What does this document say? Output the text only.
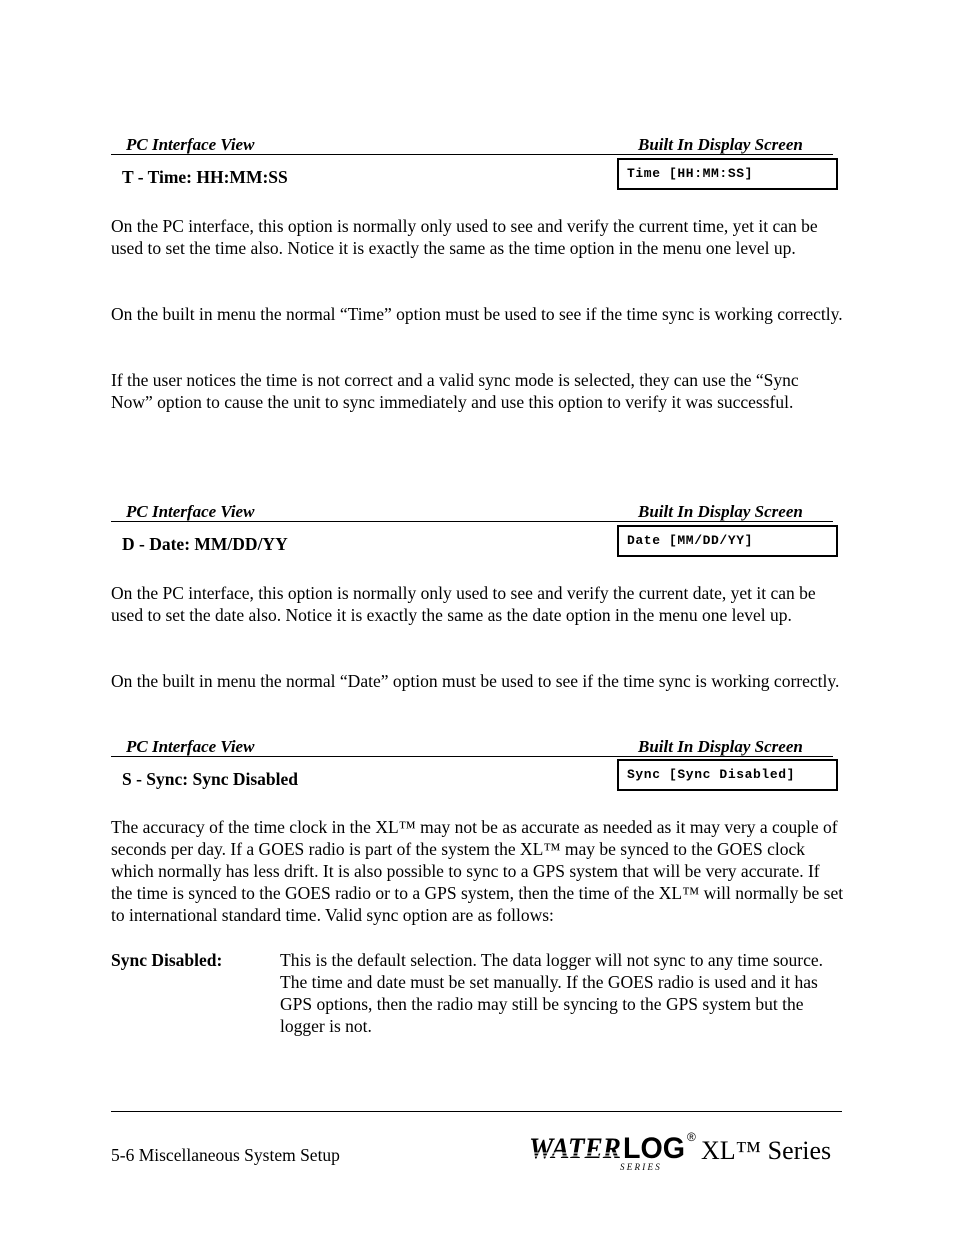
PC Interface View	Built In Display Screen
T - Time: HH:MM:SS	Time [HH:MM:SS]

On the PC interface, this option is normally only used to see and verify the current time, yet it can be used to set the time also. Notice it is exactly the same as the time option in the menu one level up.

On the built in menu the normal “Time” option must be used to see if the time sync is working correctly.

If the user notices the time is not correct and a valid sync mode is selected, they can use the “Sync Now” option to cause the unit to sync immediately and use this option to verify it was successful.

PC Interface View	Built In Display Screen
D - Date: MM/DD/YY	Date [MM/DD/YY]

On the PC interface, this option is normally only used to see and verify the current date, yet it can be used to set the date also. Notice it is exactly the same as the date option in the menu one level up.

On the built in menu the normal “Date” option must be used to see if the time sync is working correctly.

PC Interface View	Built In Display Screen
S - Sync: Sync Disabled	Sync [Sync Disabled]

The accuracy of the time clock in the XL™ may not be as accurate as needed as it may very a couple of seconds per day. If a GOES radio is part of the system the XL™ may be synced to the GOES clock which normally has less drift. It is also possible to sync to a GPS system that will be very accurate. If the time is synced to the GOES radio or to a GPS system, then the time of the XL™ will normally be set to international standard time. Valid sync option are as follows:

Sync Disabled:	This is the default selection. The data logger will not sync to any time source. The time and date must be set manually. If the GOES radio is used and it has GPS options, then the radio may still be syncing to the GPS system but the logger is not.

5-6 Miscellaneous System Setup	WATER LOG ®
S E R I E S
XL™ Series
